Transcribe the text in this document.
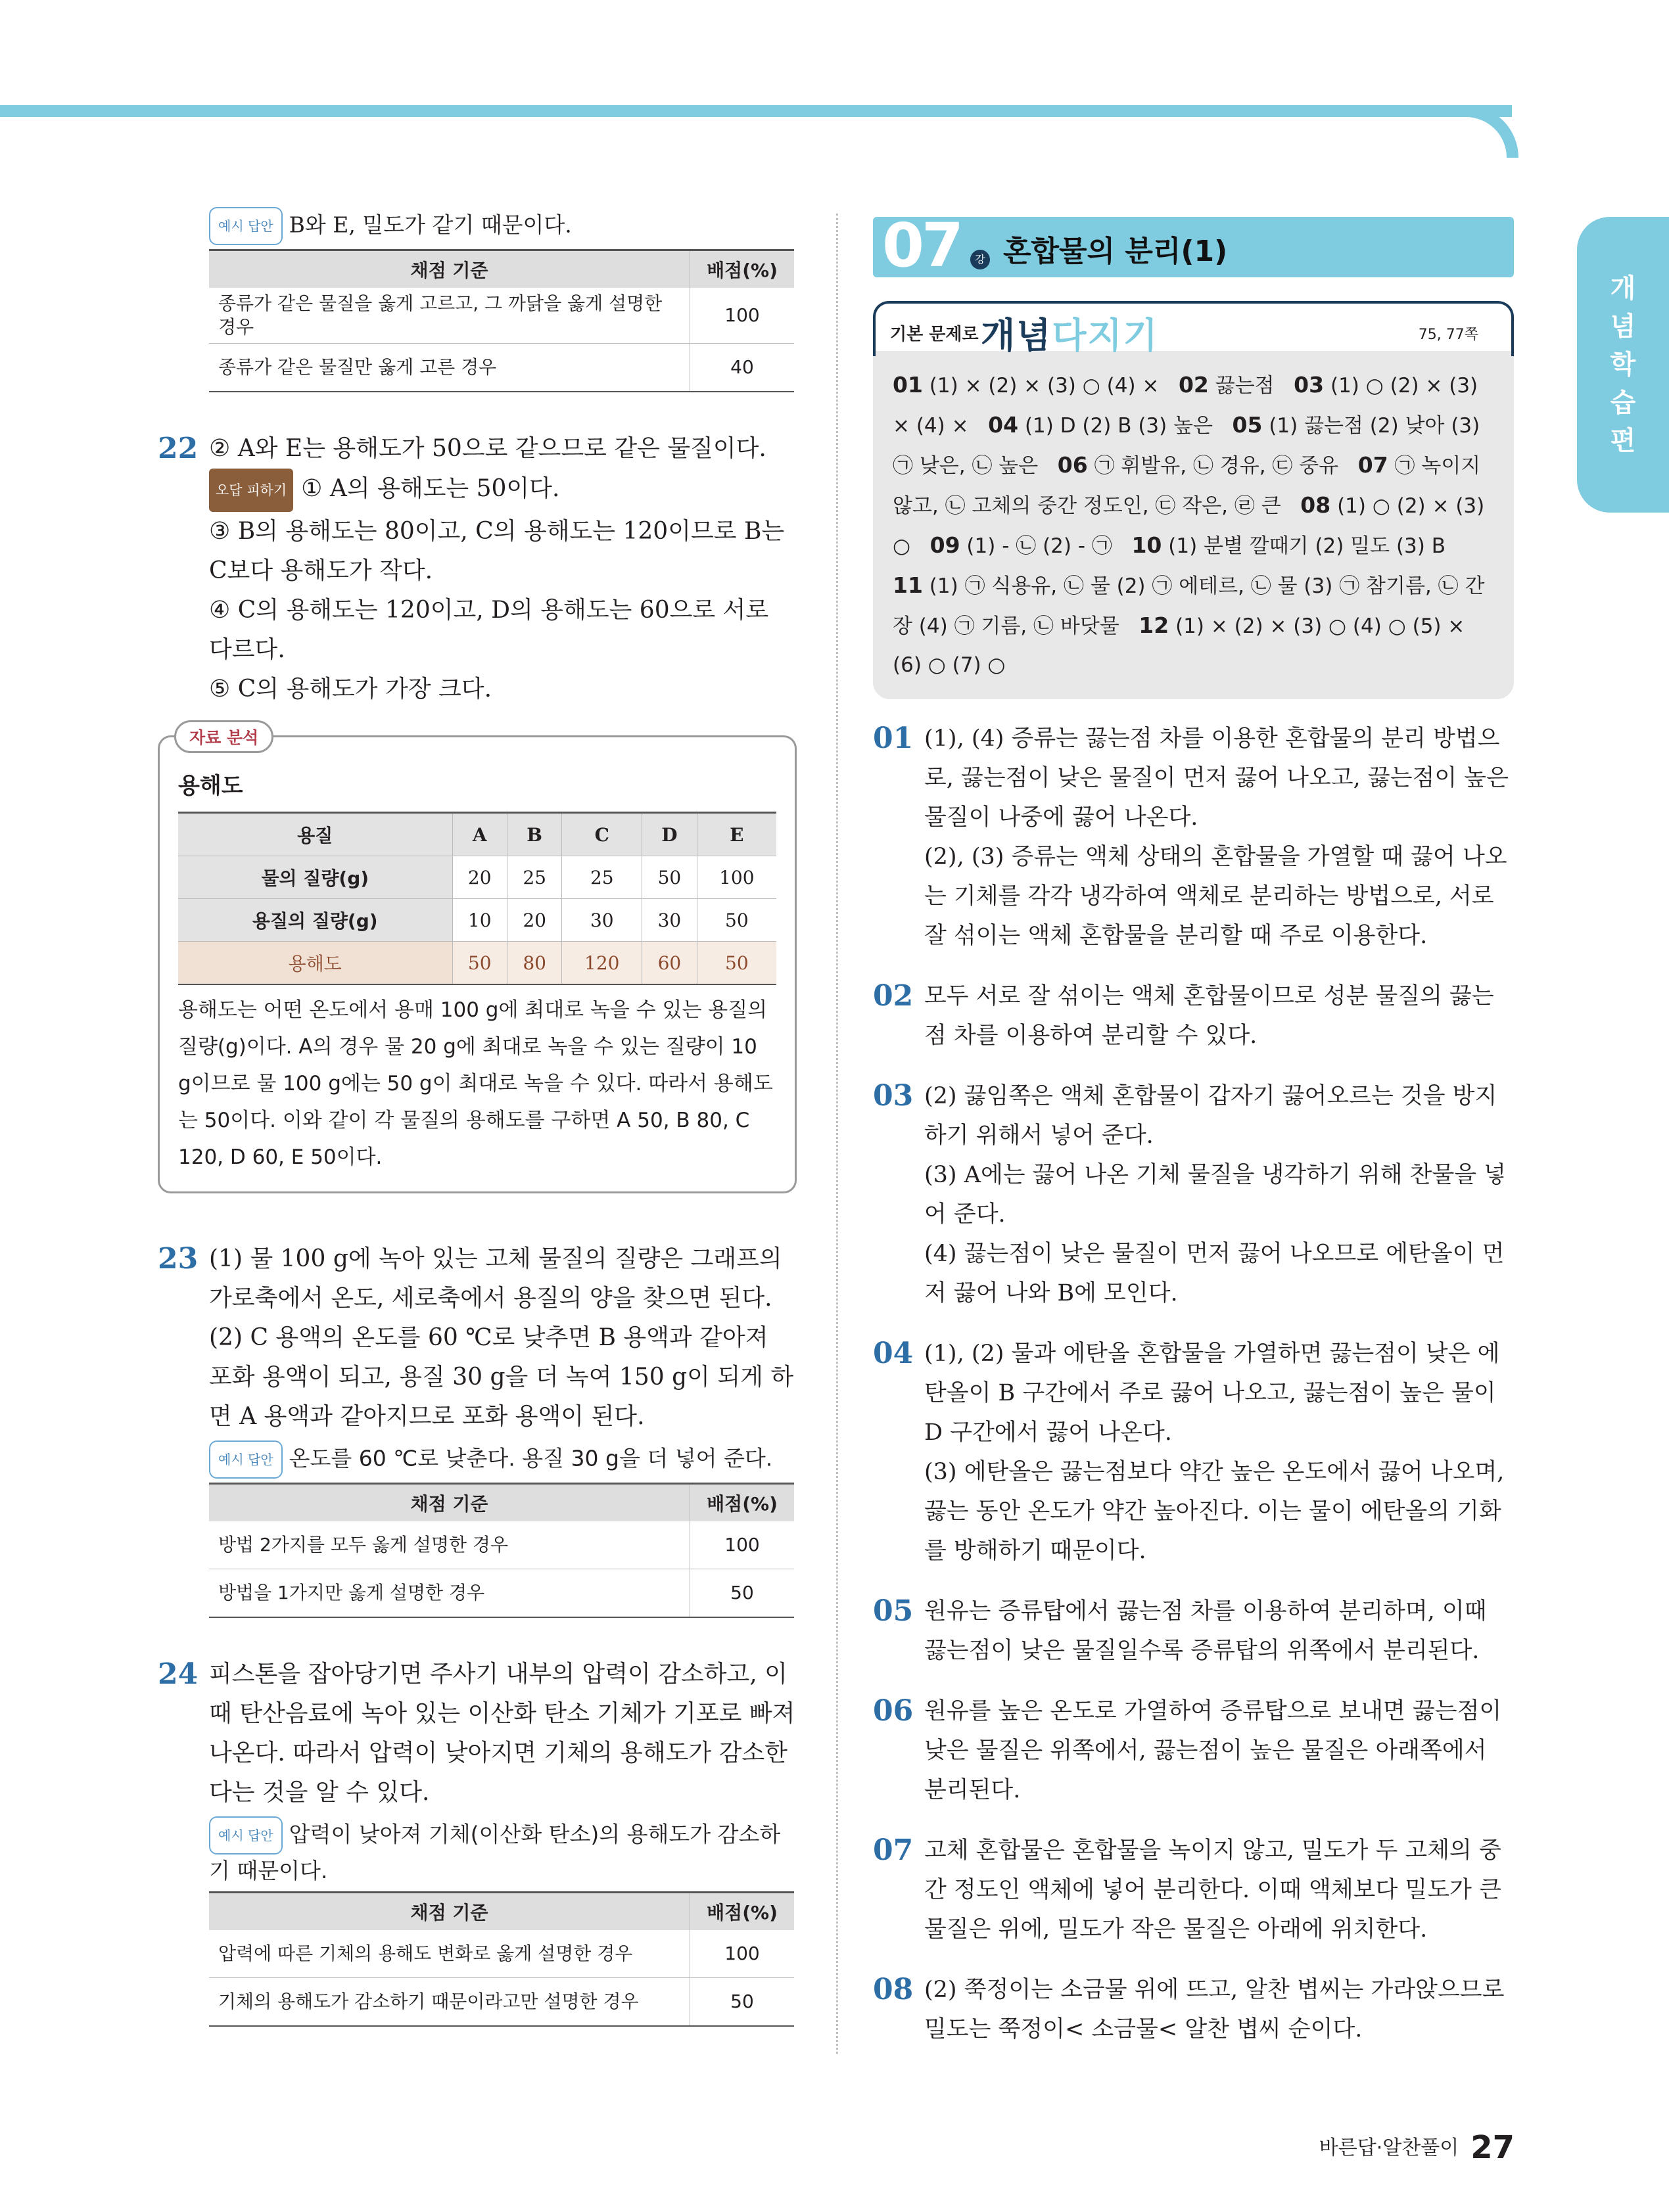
개
념
학
습
편
예시 답안 B와 E, 밀도가 같기 때문이다.
채점 기준	배점(%)
종류가 같은 물질을 옳게 고르고, 그 까닭을 옳게 설명한 경우	100
종류가 같은 물질만 옳게 고른 경우	40
22 ② A와 E는 용해도가 50으로 같으므로 같은 물질이다.

오답 피하기 ① A의 용해도는 50이다.

③ B의 용해도는 80이고, C의 용해도는 120이므로 B는 C보다 용해도가 작다.

④ C의 용해도는 120이고, D의 용해도는 60으로 서로 다르다.

⑤ C의 용해도가 가장 크다.

자료 분석
용해도
용질	A	B	C	D	E
물의 질량(g)	20	25	25	50	100
용질의 질량(g)	10	20	30	30	50
용해도	50	80	120	60	50
용해도는 어떤 온도에서 용매 100 g에 최대로 녹을 수 있는 용질의 질량(g)이다. A의 경우 물 20 g에 최대로 녹을 수 있는 질량이 10 g이므로 물 100 g에는 50 g이 최대로 녹을 수 있다. 따라서 용해도는 50이다. 이와 같이 각 물질의 용해도를 구하면 A 50, B 80, C 120, D 60, E 50이다.
23 (1) 물 100 g에 녹아 있는 고체 물질의 질량은 그래프의 가로축에서 온도, 세로축에서 용질의 양을 찾으면 된다.

(2) C 용액의 온도를 60 ℃로 낮추면 B 용액과 같아져 포화 용액이 되고, 용질 30 g을 더 녹여 150 g이 되게 하면 A 용액과 같아지므로 포화 용액이 된다.

예시 답안 온도를 60 ℃로 낮춘다. 용질 30 g을 더 넣어 준다.
채점 기준	배점(%)
방법 2가지를 모두 옳게 설명한 경우	100
방법을 1가지만 옳게 설명한 경우	50
24 피스톤을 잡아당기면 주사기 내부의 압력이 감소하고, 이때 탄산음료에 녹아 있는 이산화 탄소 기체가 기포로 빠져나온다. 따라서 압력이 낮아지면 기체의 용해도가 감소한다는 것을 알 수 있다.

예시 답안 압력이 낮아져 기체(이산화 탄소)의 용해도가 감소하기 때문이다.
채점 기준	배점(%)
압력에 따른 기체의 용해도 변화로 옳게 설명한 경우	100
기체의 용해도가 감소하기 때문이라고만 설명한 경우	50
07	강 혼합물의 분리(1)
기본 문제로 개념다지기	75, 77쪽
01 (1) × (2) × (3) ○ (4) × 02 끓는점 03 (1) ○ (2) × (3) × (4) × 04 (1) D (2) B (3) 높은 05 (1) 끓는점 (2) 낮아 (3) ㉠ 낮은, ㉡ 높은 06 ㉠ 휘발유, ㉡ 경유, ㉢ 중유 07 ㉠ 녹이지 않고, ㉡ 고체의 중간 정도인, ㉢ 작은, ㉣ 큰 08 (1) ○ (2) × (3) ○ 09 (1) - ㉡ (2) - ㉠ 10 (1) 분별 깔때기 (2) 밀도 (3) B   11 (1) ㉠ 식용유, ㉡ 물 (2) ㉠ 에테르, ㉡ 물 (3) ㉠ 참기름, ㉡ 간장 (4) ㉠ 기름, ㉡ 바닷물 12 (1) × (2) × (3) ○ (4) ○ (5) × (6) ○ (7) ○
01 (1), (4) 증류는 끓는점 차를 이용한 혼합물의 분리 방법으로, 끓는점이 낮은 물질이 먼저 끓어 나오고, 끓는점이 높은 물질이 나중에 끓어 나온다.

(2), (3) 증류는 액체 상태의 혼합물을 가열할 때 끓어 나오는 기체를 각각 냉각하여 액체로 분리하는 방법으로, 서로 잘 섞이는 액체 혼합물을 분리할 때 주로 이용한다.

02 모두 서로 잘 섞이는 액체 혼합물이므로 성분 물질의 끓는점 차를 이용하여 분리할 수 있다.

03 (2) 끓임쪽은 액체 혼합물이 갑자기 끓어오르는 것을 방지하기 위해서 넣어 준다.

(3) A에는 끓어 나온 기체 물질을 냉각하기 위해 찬물을 넣어 준다.

(4) 끓는점이 낮은 물질이 먼저 끓어 나오므로 에탄올이 먼저 끓어 나와 B에 모인다.

04 (1), (2) 물과 에탄올 혼합물을 가열하면 끓는점이 낮은 에탄올이 B 구간에서 주로 끓어 나오고, 끓는점이 높은 물이 D 구간에서 끓어 나온다.

(3) 에탄올은 끓는점보다 약간 높은 온도에서 끓어 나오며, 끓는 동안 온도가 약간 높아진다. 이는 물이 에탄올의 기화를 방해하기 때문이다.

05 원유는 증류탑에서 끓는점 차를 이용하여 분리하며, 이때 끓는점이 낮은 물질일수록 증류탑의 위쪽에서 분리된다.

06 원유를 높은 온도로 가열하여 증류탑으로 보내면 끓는점이 낮은 물질은 위쪽에서, 끓는점이 높은 물질은 아래쪽에서 분리된다.

07 고체 혼합물은 혼합물을 녹이지 않고, 밀도가 두 고체의 중간 정도인 액체에 넣어 분리한다. 이때 액체보다 밀도가 큰 물질은 위에, 밀도가 작은 물질은 아래에 위치한다.

08 (2) 쭉정이는 소금물 위에 뜨고, 알찬 볍씨는 가라앉으므로 밀도는 쭉정이< 소금물< 알찬 볍씨 순이다.

바른답·알찬풀이 27
